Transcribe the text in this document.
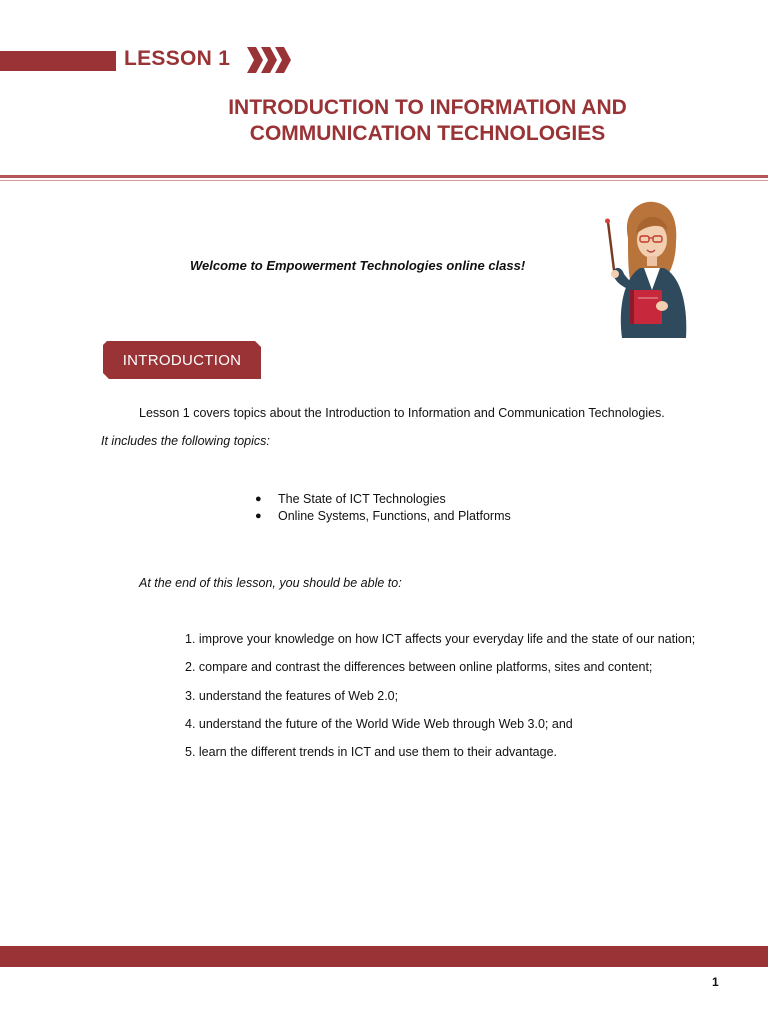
LESSON 1
INTRODUCTION TO INFORMATION AND
COMMUNICATION TECHNOLOGIES
Welcome to Empowerment Technologies online class!
INTRODUCTION
Lesson 1 covers topics about the Introduction to Information and Communication Technologies.
It includes the following topics:
● The State of ICT Technologies
● Online Systems, Functions, and Platforms
At the end of this lesson, you should be able to:
1. improve your knowledge on how ICT affects your everyday life and the state of our nation;
2. compare and contrast the differences between online platforms, sites and content;
3. understand the features of Web 2.0;
4. understand the future of the World Wide Web through Web 3.0; and
5. learn the different trends in ICT and use them to their advantage.
1
